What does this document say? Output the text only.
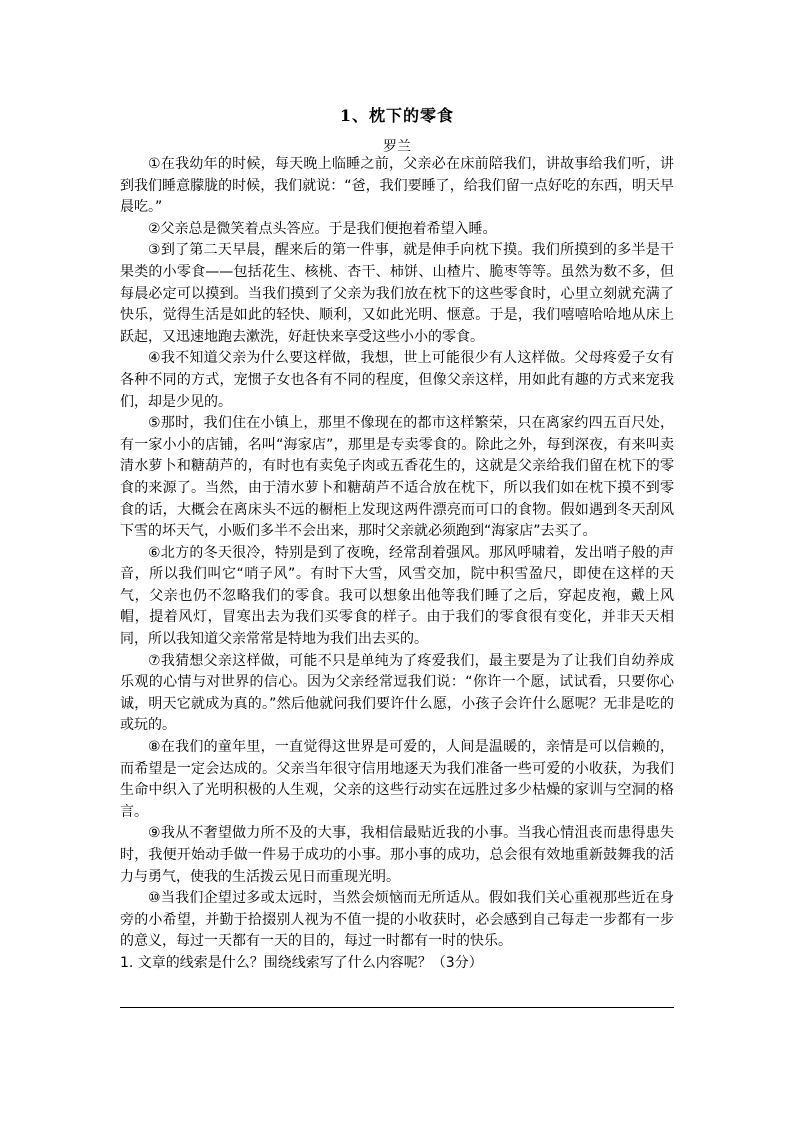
1、枕下的零食
罗兰

①在我幼年的时候，每天晚上临睡之前，父亲必在床前陪我们，讲故事给我们听，讲到我们睡意朦胧的时候，我们就说：“爸，我们要睡了，给我们留一点好吃的东西，明天早晨吃。”

②父亲总是微笑着点头答应。于是我们便抱着希望入睡。

③到了第二天早晨，醒来后的第一件事，就是伸手向枕下摸。我们所摸到的多半是干果类的小零食——包括花生、核桃、杏干、柿饼、山楂片、脆枣等等。虽然为数不多，但每晨必定可以摸到。当我们摸到了父亲为我们放在枕下的这些零食时，心里立刻就充满了快乐，觉得生活是如此的轻快、顺利，又如此光明、惬意。于是，我们嘻嘻哈哈地从床上跃起，又迅速地跑去漱洗，好赶快来享受这些小小的零食。

④我不知道父亲为什么要这样做，我想，世上可能很少有人这样做。父母疼爱子女有各种不同的方式，宠惯子女也各有不同的程度，但像父亲这样，用如此有趣的方式来宠我们，却是少见的。

⑤那时，我们住在小镇上，那里不像现在的都市这样繁荣，只在离家约四五百尺处，有一家小小的店铺，名叫“海家店”，那里是专卖零食的。除此之外，每到深夜，有来叫卖清水萝卜和糖葫芦的，有时也有卖兔子肉或五香花生的，这就是父亲给我们留在枕下的零食的来源了。当然，由于清水萝卜和糖葫芦不适合放在枕下，所以我们如在枕下摸不到零食的话，大概会在离床头不远的橱柜上发现这两件漂亮而可口的食物。假如遇到冬天刮风下雪的坏天气，小贩们多半不会出来，那时父亲就必须跑到“海家店”去买了。

⑥北方的冬天很冷，特别是到了夜晚，经常刮着强风。那风呼啸着，发出哨子般的声音，所以我们叫它“哨子风”。有时下大雪，风雪交加，院中积雪盈尺，即使在这样的天气，父亲也仍不忽略我们的零食。我可以想象出他等我们睡了之后，穿起皮袍，戴上风帽，提着风灯，冒寒出去为我们买零食的样子。由于我们的零食很有变化，并非天天相同，所以我知道父亲常常是特地为我们出去买的。

⑦我猜想父亲这样做，可能不只是单纯为了疼爱我们，最主要是为了让我们自幼养成乐观的心情与对世界的信心。因为父亲经常逗我们说：“你许一个愿，试试看，只要你心诚，明天它就成为真的。”然后他就问我们要许什么愿，小孩子会许什么愿呢？无非是吃的或玩的。

⑧在我们的童年里，一直觉得这世界是可爱的，人间是温暖的，亲情是可以信赖的，而希望是一定会达成的。父亲当年很守信用地逐天为我们准备一些可爱的小收获，为我们生命中织入了光明积极的人生观，父亲的这些行动实在远胜过多少枯燥的家训与空洞的格言。

⑨我从不奢望做力所不及的大事，我相信最贴近我的小事。当我心情沮丧而患得患失时，我便开始动手做一件易于成功的小事。那小事的成功，总会很有效地重新鼓舞我的活力与勇气，使我的生活拨云见日而重现光明。

⑩当我们企望过多或太远时，当然会烦恼而无所适从。假如我们关心重视那些近在身旁的小希望，并勤于拾掇别人视为不值一提的小收获时，必会感到自己每走一步都有一步的意义，每过一天都有一天的目的，每过一时都有一时的快乐。

1. 文章的线索是什么？围绕线索写了什么内容呢？（3分）
